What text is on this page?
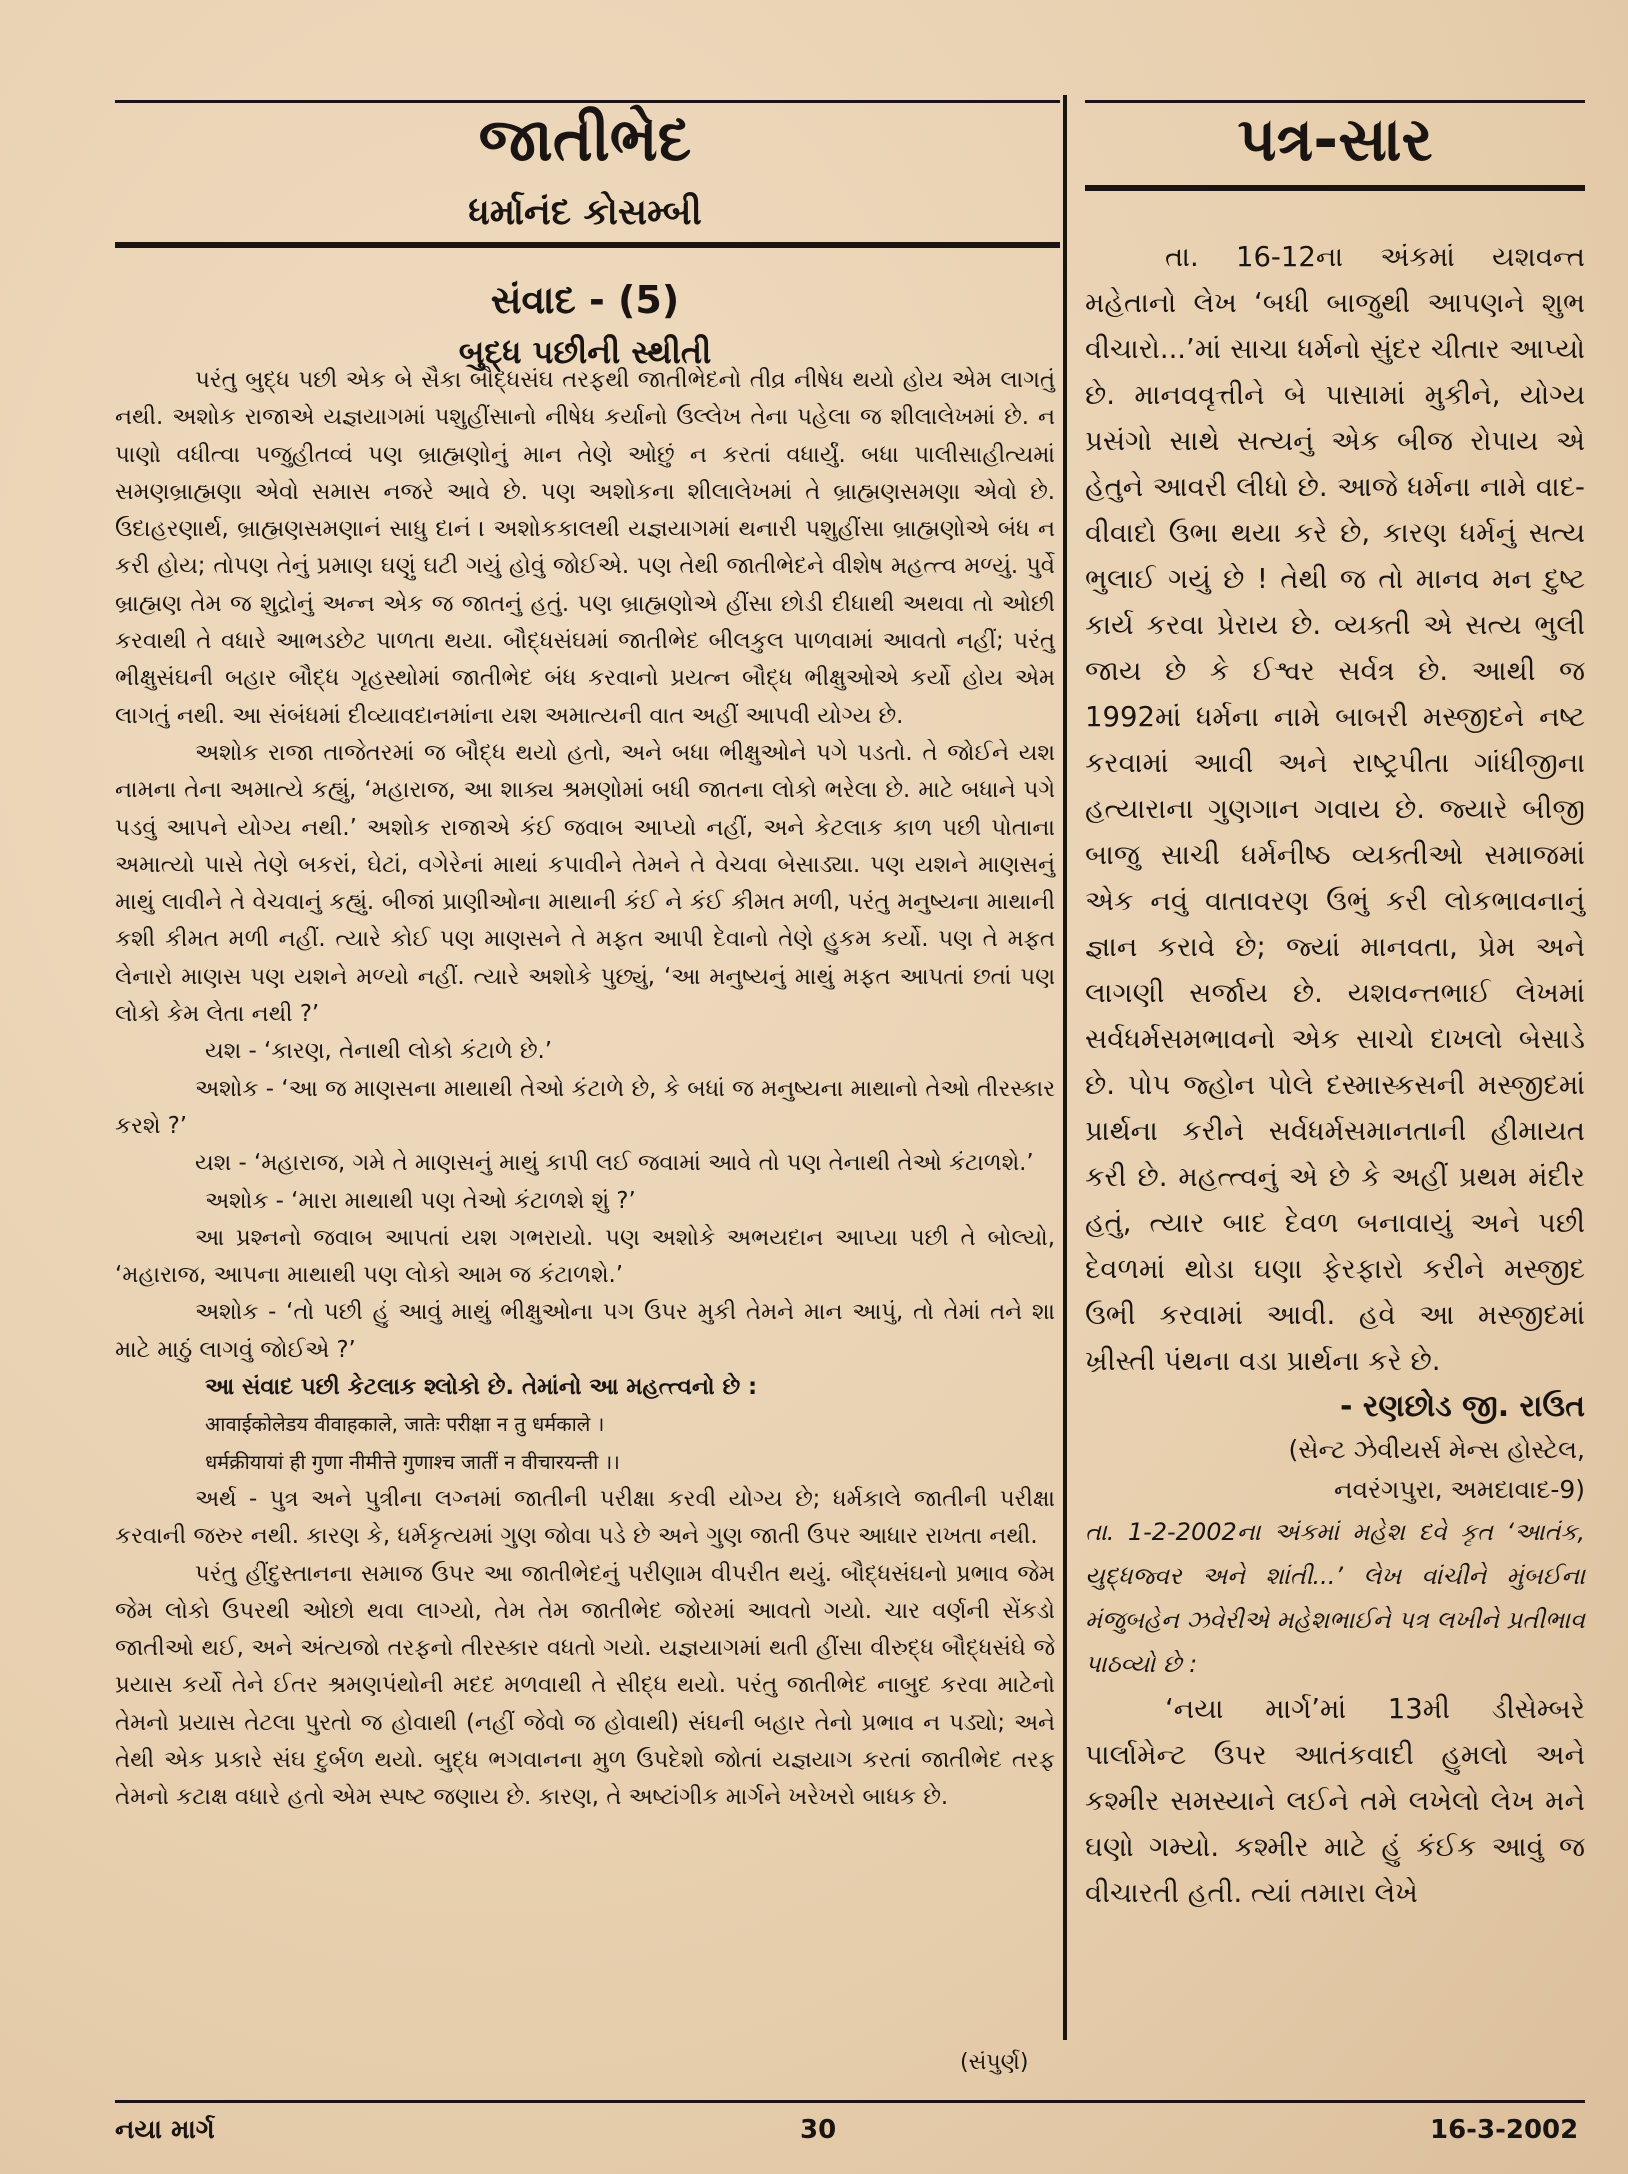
જાતીભેદ

ધર્માનંદ કોસમ્બી

પત્ર-સાર

સંવાદ - (5)

બુદ્ધ પછીની સ્થીતી

પરંતુ બુદ્ધ પછી એક બે સૈકા બૌદ્ધસંઘ તરફથી જાતીભેદનો તીવ્ર નીષેધ થયો હોય એમ લાગતું નથી. અશોક રાજાએ યજ્ઞયાગમાં પશુહીંસાનો નીષેધ કર્યાનો ઉલ્લેખ તેના પહેલા જ શીલાલેખમાં છે. ન પાણો વધીત્વા પજુહીતવ્વં પણ બ્રાહ્મણોનું માન તેણે ઓછું ન કરતાં વધાર્યું. બધા પાલીસાહીત્યમાં સમણબ્રાહ્મણા એવો સમાસ નજરે આવે છે. પણ અશોકના શીલાલેખમાં તે બ્રાહ્મણસમણા એવો છે. ઉદાહરણાર્થ, બ્રાહ્મણસમણાનં સાધુ દાનં । અશોકકાલથી યજ્ઞયાગમાં થનારી પશુહીંસા બ્રાહ્મણોએ બંધ ન કરી હોય; તોપણ તેનું પ્રમાણ ઘણું ઘટી ગયું હોવું જોઈએ. પણ તેથી જાતીભેદને વીશેષ મહત્ત્વ મળ્યું. પુર્વે બ્રાહ્મણ તેમ જ શુદ્રોનું અન્ન એક જ જાતનું હતું. પણ બ્રાહ્મણોએ હીંસા છોડી દીધાથી અથવા તો ઓછી કરવાથી તે વધારે આભડછેટ પાળતા થયા. બૌદ્ધસંઘમાં જાતીભેદ બીલકુલ પાળવામાં આવતો નહીં; પરંતુ ભીક્ષુસંઘની બહાર બૌદ્ધ ગૃહસ્થોમાં જાતીભેદ બંધ કરવાનો પ્રયત્ન બૌદ્ધ ભીક્ષુઓએ કર્યો હોય એમ લાગતું નથી. આ સંબંધમાં દીવ્યાવદાનમાંના યશ અમાત્યની વાત અહીં આપવી યોગ્ય છે.

અશોક રાજા તાજેતરમાં જ બૌદ્ધ થયો હતો, અને બધા ભીક્ષુઓને પગે પડતો. તે જોઈને યશ નામના તેના અમાત્યે કહ્યું, ‘મહારાજ, આ શાક્ય શ્રમણોમાં બધી જાતના લોકો ભરેલા છે. માટે બધાને પગે પડવું આપને યોગ્ય નથી.’ અશોક રાજાએ કંઈ જવાબ આપ્યો નહીં, અને કેટલાક કાળ પછી પોતાના અમાત્યો પાસે તેણે બકરાં, ઘેટાં, વગેરેનાં માથાં કપાવીને તેમને તે વેચવા બેસાડ્યા. પણ યશને માણસનું માથું લાવીને તે વેચવાનું કહ્યું. બીજાં પ્રાણીઓના માથાની કંઈ ને કંઈ કીમત મળી, પરંતુ મનુષ્યના માથાની કશી કીમત મળી નહીં. ત્યારે કોઈ પણ માણસને તે મફત આપી દેવાનો તેણે હુકમ કર્યો. પણ તે મફત લેનારો માણસ પણ યશને મળ્યો નહીં. ત્યારે અશોકે પુછ્યું, ‘આ મનુષ્યનું માથું મફત આપતાં છતાં પણ લોકો કેમ લેતા નથી ?’

યશ - ‘કારણ, તેનાથી લોકો કંટાળે છે.’

અશોક - ‘આ જ માણસના માથાથી તેઓ કંટાળે છે, કે બધાં જ મનુષ્યના માથાનો તેઓ તીરસ્કાર કરશે ?’

યશ - ‘મહારાજ, ગમે તે માણસનું માથું કાપી લઈ જવામાં આવે તો પણ તેનાથી તેઓ કંટાળશે.’

અશોક - ‘મારા માથાથી પણ તેઓ કંટાળશે શું ?’

આ પ્રશ્નનો જવાબ આપતાં યશ ગભરાયો. પણ અશોકે અભયદાન આપ્યા પછી તે બોલ્યો, ‘મહારાજ, આપના માથાથી પણ લોકો આમ જ કંટાળશે.’

અશોક - ‘તો પછી હું આવું માથું ભીક્ષુઓના પગ ઉપર મુકી તેમને માન આપું, તો તેમાં તને શા માટે માઠું લાગવું જોઈએ ?’

આ સંવાદ પછી કેટલાક શ્લોકો છે. તેમાંનો આ મહત્ત્વનો છે :

आवाईकोलेडय वीवाहकाले, जातेः परीक्षा न तु धर्मकाले ।

धर्मक्रीयायां ही गुणा नीमीत्ते गुणाश्च जातीं न वीचारयन्ती ।।

અર્થ - પુત્ર અને પુત્રીના લગ્નમાં જાતીની પરીક્ષા કરવી યોગ્ય છે; ધર્મકાલે જાતીની પરીક્ષા કરવાની જરુર નથી. કારણ કે, ધર્મકૃત્યમાં ગુણ જોવા પડે છે અને ગુણ જાતી ઉપર આધાર રાખતા નથી.

પરંતુ હીંદુસ્તાનના સમાજ ઉપર આ જાતીભેદનું પરીણામ વીપરીત થયું. બૌદ્ધસંઘનો પ્રભાવ જેમ જેમ લોકો ઉપરથી ઓછો થવા લાગ્યો, તેમ તેમ જાતીભેદ જોરમાં આવતો ગયો. ચાર વર્ણની સેંકડો જાતીઓ થઈ, અને અંત્યજો તરફનો તીરસ્કાર વધતો ગયો. યજ્ઞયાગમાં થતી હીંસા વીરુદ્ધ બૌદ્ધસંઘે જે પ્રયાસ કર્યો તેને ઈતર શ્રમણપંથોની મદદ મળવાથી તે સીદ્ધ થયો. પરંતુ જાતીભેદ નાબુદ કરવા માટેનો તેમનો પ્રયાસ તેટલા પુરતો જ હોવાથી (નહીં જેવો જ હોવાથી) સંઘની બહાર તેનો પ્રભાવ ન પડ્યો; અને તેથી એક પ્રકારે સંઘ દુર્બળ થયો. બુદ્ધ ભગવાનના મુળ ઉપદેશો જોતાં યજ્ઞયાગ કરતાં જાતીભેદ તરફ તેમનો કટાક્ષ વધારે હતો એમ સ્પષ્ટ જણાય છે. કારણ, તે અષ્ટાંગીક માર્ગને ખરેખરો બાધક છે.

(સંપુર્ણ)

તા. 16-12ના અંકમાં યશવન્ત મહેતાનો લેખ ‘બધી બાજુથી આપણને શુભ વીચારો...’માં સાચા ધર્મનો સુંદર ચીતાર આપ્યો છે. માનવવૃત્તીને બે પાસામાં મુકીને, યોગ્ય પ્રસંગો સાથે સત્યનું એક બીજ રોપાય એ હેતુને આવરી લીધો છે. આજે ધર્મના નામે વાદ-વીવાદો ઉભા થયા કરે છે, કારણ ધર્મનું સત્ય ભુલાઈ ગયું છે ! તેથી જ તો માનવ મન દુષ્ટ કાર્ય કરવા પ્રેરાય છે. વ્યક્તી એ સત્ય ભુલી જાય છે કે ઈશ્વર સર્વત્ર છે. આથી જ 1992માં ધર્મના નામે બાબરી મસ્જીદને નષ્ટ કરવામાં આવી અને રાષ્ટ્રપીતા ગાંધીજીના હત્યારાના ગુણગાન ગવાય છે. જ્યારે બીજી બાજુ સાચી ધર્મનીષ્ઠ વ્યક્તીઓ સમાજમાં એક નવું વાતાવરણ ઉભું કરી લોકભાવનાનું જ્ઞાન કરાવે છે; જ્યાં માનવતા, પ્રેમ અને લાગણી સર્જાય છે. યશવન્તભાઈ લેખમાં સર્વધર્મસમભાવનો એક સાચો દાખલો બેસાડે છે. પોપ જ્હોન પોલે દસ્માસ્કસની મસ્જીદમાં પ્રાર્થના કરીને સર્વધર્મસમાનતાની હીમાયત કરી છે. મહત્ત્વનું એ છે કે અહીં પ્રથમ મંદીર હતું, ત્યાર બાદ દેવળ બનાવાયું અને પછી દેવળમાં થોડા ઘણા ફેરફારો કરીને મસ્જીદ ઉભી કરવામાં આવી. હવે આ મસ્જીદમાં ખ્રીસ્તી પંથના વડા પ્રાર્થના કરે છે.

- રણછોડ જી. રાઉત

(સેન્ટ ઝેવીયર્સ મેન્સ હોસ્ટેલ,

નવરંગપુરા, અમદાવાદ-9)

તા. 1-2-2002ના અંકમાં મહેશ દવે કૃત ‘આતંક, યુદ્ધજ્વર અને શાંતી...’ લેખ વાંચીને મુંબઈના મંજુબહેન ઝવેરીએ મહેશભાઈને પત્ર લખીને પ્રતીભાવ પાઠવ્યો છે :

‘નયા માર્ગ’માં 13મી ડીસેમ્બરે પાર્લામેન્ટ ઉપર આતંકવાદી હુમલો અને કશ્મીર સમસ્યાને લઈને તમે લખેલો લેખ મને ઘણો ગમ્યો. કશ્મીર માટે હું કંઈક આવું જ વીચારતી હતી. ત્યાં તમારા લેખે

નયા માર્ગ	30	16-3-2002
